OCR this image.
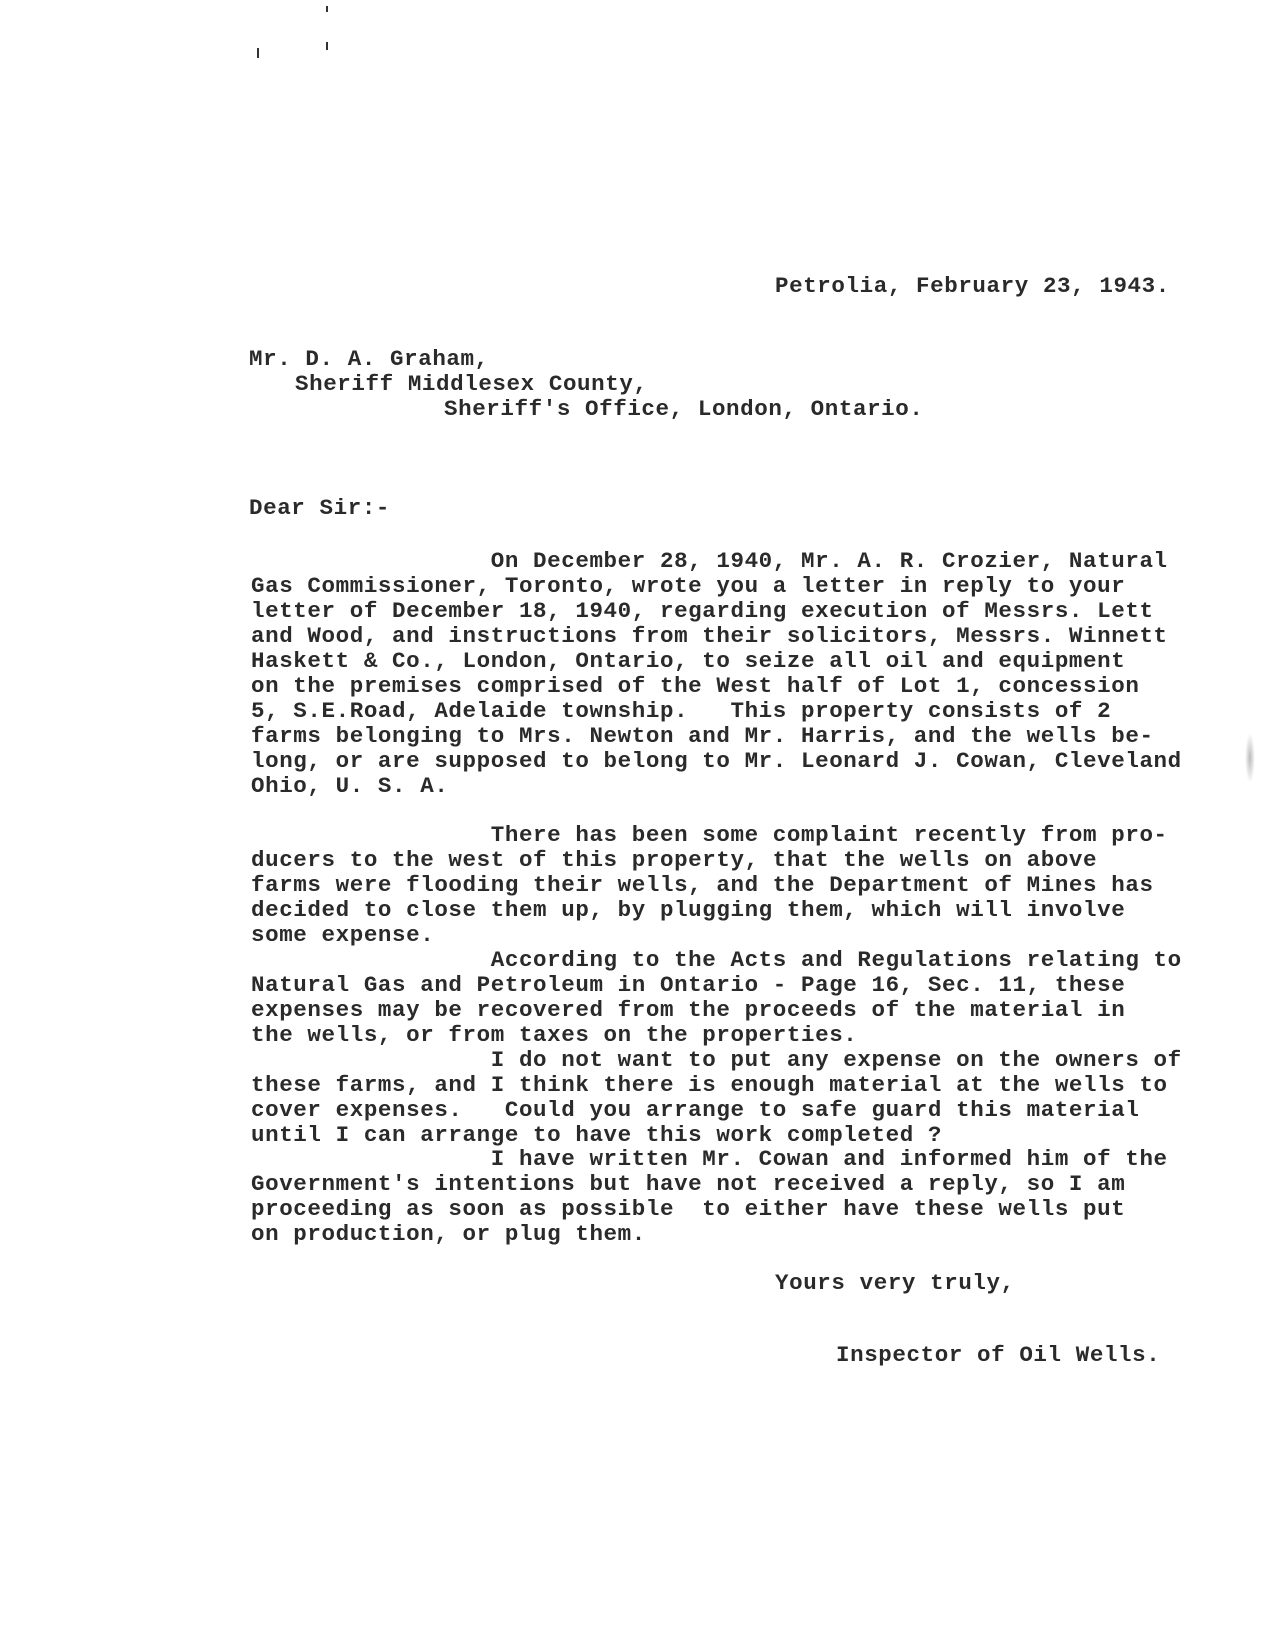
Petrolia, February 23, 1943.
Mr. D. A. Graham,
Sheriff Middlesex County,
Sheriff's Office, London, Ontario.
Dear Sir:-
On December 28, 1940, Mr. A. R. Crozier, Natural
Gas Commissioner, Toronto, wrote you a letter in reply to your
letter of December 18, 1940, regarding execution of Messrs. Lett
and Wood, and instructions from their solicitors, Messrs. Winnett
Haskett & Co., London, Ontario, to seize all oil and equipment
on the premises comprised of the West half of Lot 1, concession
5, S.E.Road, Adelaide township.   This property consists of 2
farms belonging to Mrs. Newton and Mr. Harris, and the wells be-
long, or are supposed to belong to Mr. Leonard J. Cowan, Cleveland
Ohio, U. S. A.
There has been some complaint recently from pro-
ducers to the west of this property, that the wells on above
farms were flooding their wells, and the Department of Mines has
decided to close them up, by plugging them, which will involve
some expense.
According to the Acts and Regulations relating to
Natural Gas and Petroleum in Ontario - Page 16, Sec. 11, these
expenses may be recovered from the proceeds of the material in
the wells, or from taxes on the properties.
I do not want to put any expense on the owners of
these farms, and I think there is enough material at the wells to
cover expenses.   Could you arrange to safe guard this material
until I can arrange to have this work completed ?
I have written Mr. Cowan and informed him of the
Government's intentions but have not received a reply, so I am
proceeding as soon as possible  to either have these wells put
on production, or plug them.
Yours very truly,
Inspector of Oil Wells.
